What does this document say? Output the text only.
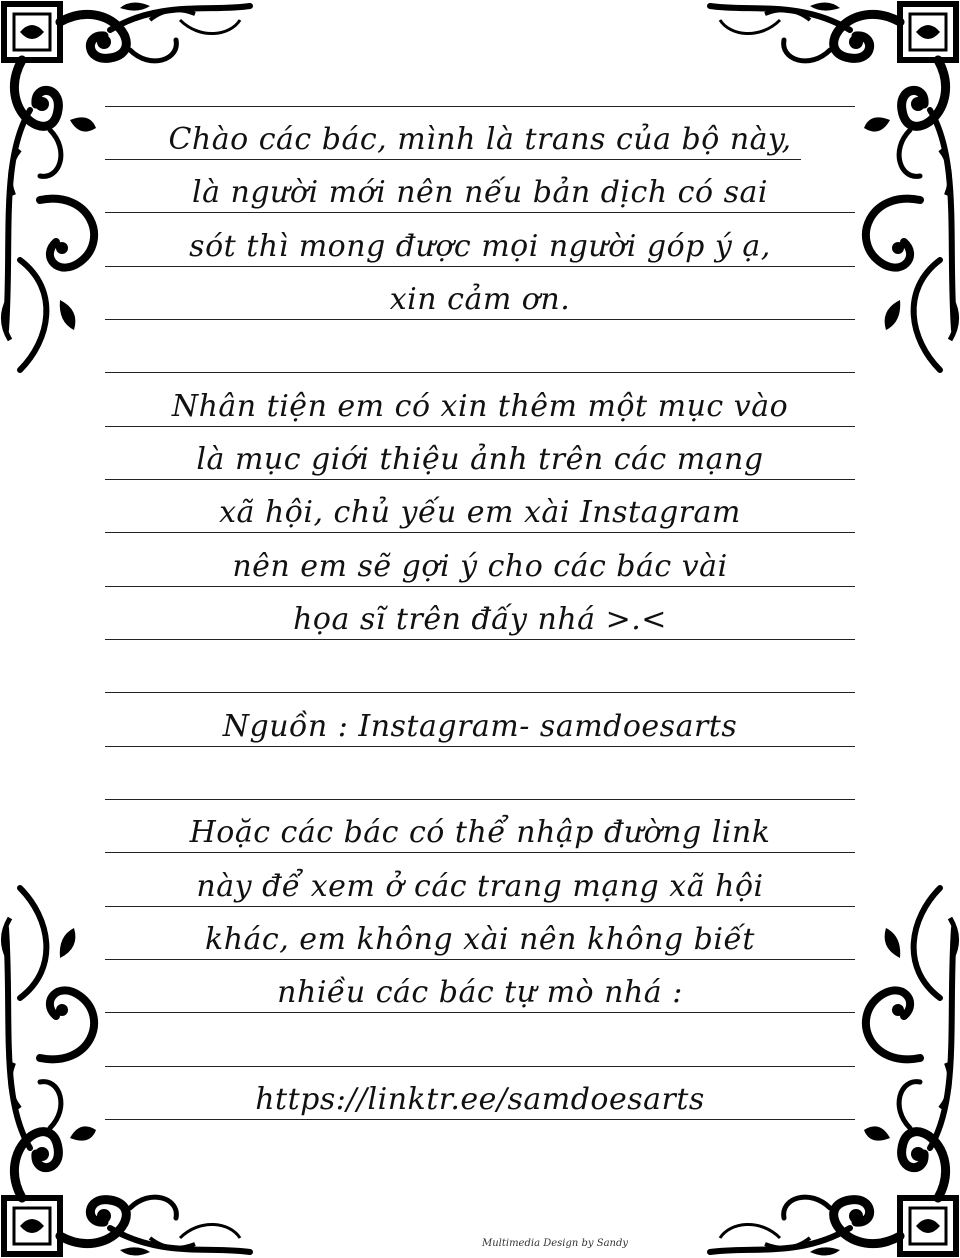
Chào các bác, mình là trans của bộ này,
là người mới nên nếu bản dịch có sai
sót thì mong được mọi người góp ý ạ,
xin cảm ơn.
Nhân tiện em có xin thêm một mục vào
là mục giới thiệu ảnh trên các mạng
xã hội, chủ yếu em xài Instagram
nên em sẽ gợi ý cho các bác vài
họa sĩ trên đấy nhá >.<
Nguồn : Instagram- samdoesarts
Hoặc các bác có thể nhập đường link
này để xem ở các trang mạng xã hội
khác, em không xài nên không biết
nhiều các bác tự mò nhá :
https://linktr.ee/samdoesarts
Multimedia Design by Sandy
